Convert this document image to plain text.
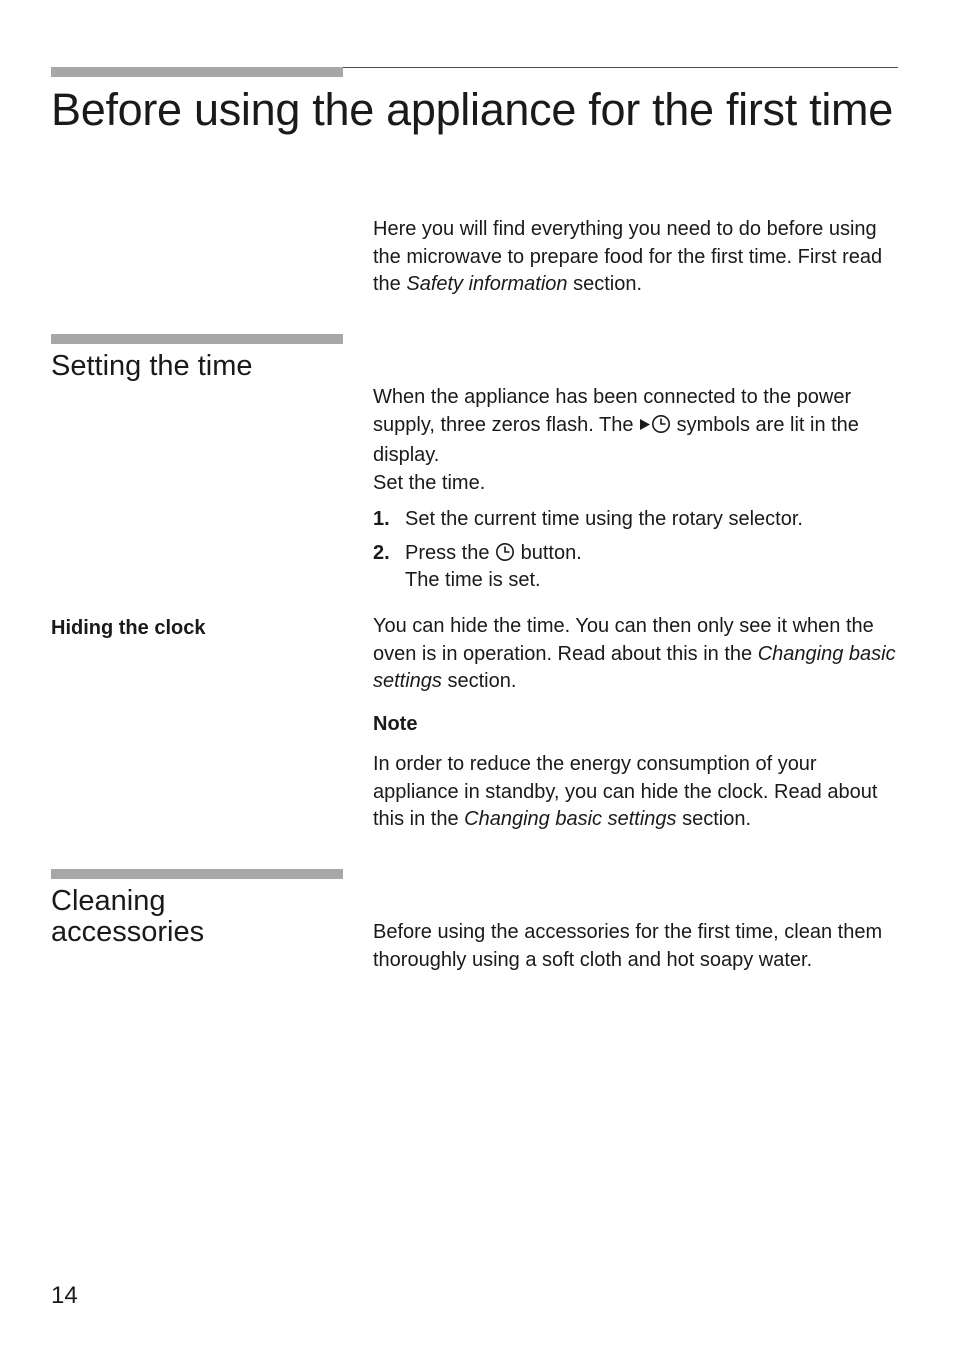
Before using the appliance for the first time

Here you will find everything you need to do before using the microwave to prepare food for the first time. First read the Safety information section.

Setting the time

When the appliance has been connected to the power supply, three zeros flash. The  symbols are lit in the display.
Set the time.

1. Set the current time using the rotary selector.
2. Press the  button.
The time is set.
Hiding the clock	You can hide the time. You can then only see it when the oven is in operation. Read about this in the Changing basic settings section.

Note

In order to reduce the energy consumption of your appliance in standby, you can hide the clock. Read about this in the Changing basic settings section.

Cleaning
accessories	Before using the accessories for the first time, clean them thoroughly using a soft cloth and hot soapy water.

14
